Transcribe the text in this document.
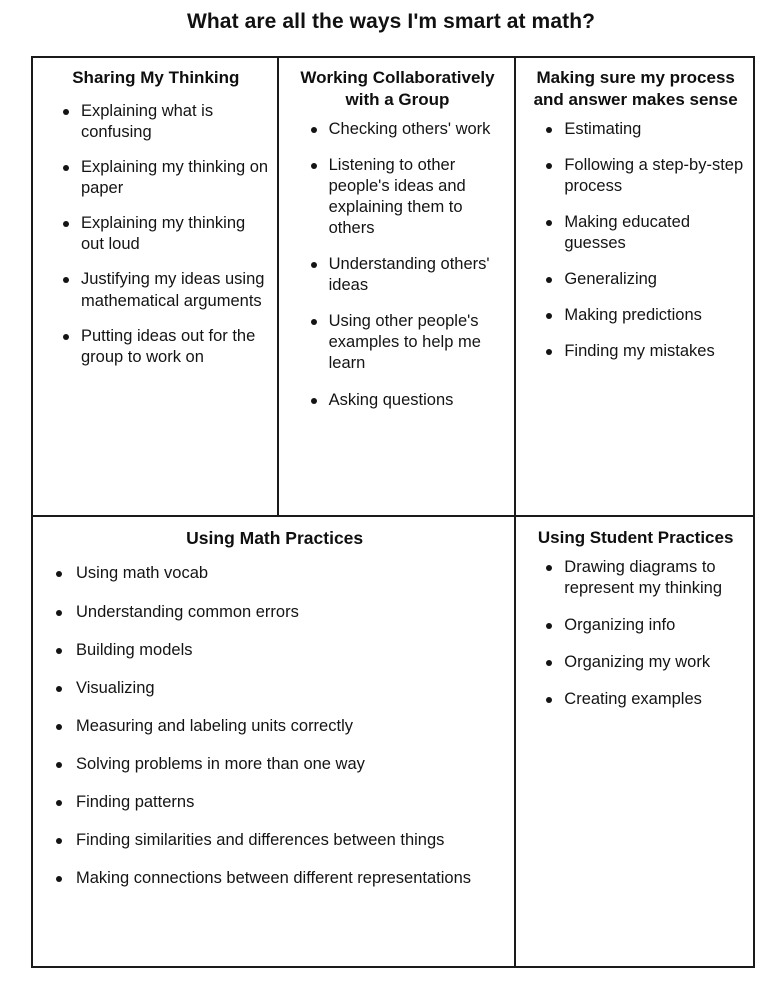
What are all the ways I'm smart at math?
Sharing My Thinking
Explaining what is confusing
Explaining my thinking on paper
Explaining my thinking out loud
Justifying my ideas using mathematical arguments
Putting ideas out for the group to work on
Working Collaboratively with a Group
Checking others' work
Listening to other people's ideas and explaining them to others
Understanding others' ideas
Using other people's examples to help me learn
Asking questions
Making sure my process and answer makes sense
Estimating
Following a step-by-step process
Making educated guesses
Generalizing
Making predictions
Finding my mistakes
Using Math Practices
Using math vocab
Understanding common errors
Building models
Visualizing
Measuring and labeling units correctly
Solving problems in more than one way
Finding patterns
Finding similarities and differences between things
Making connections between different representations
Using Student Practices
Drawing diagrams to represent my thinking
Organizing info
Organizing my work
Creating examples
